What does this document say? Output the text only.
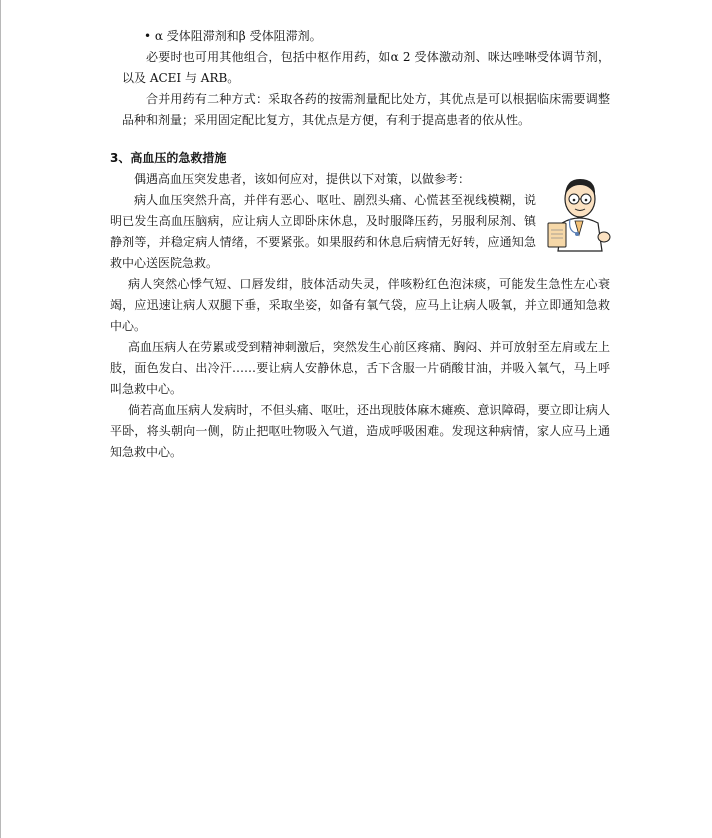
• α 受体阻滞剂和β 受体阻滞剂。

必要时也可用其他组合，包括中枢作用药，如α 2 受体激动剂、咪达唑啉受体调节剂，以及 ACEI 与 ARB。

合并用药有二种方式：采取各药的按需剂量配比处方，其优点是可以根据临床需要调整品种和剂量；采用固定配比复方，其优点是方便，有利于提高患者的依从性。

3、高血压的急救措施

偶遇高血压突发患者，该如何应对，提供以下对策，以做参考：

病人血压突然升高，并伴有恶心、呕吐、剧烈头痛、心慌甚至视线模糊，说明已发生高血压脑病，应让病人立即卧床休息，及时服降压药，另服利尿剂、镇静剂等，并稳定病人情绪，不要紧张。如果服药和休息后病情无好转，应通知急救中心送医院急救。

病人突然心悸气短、口唇发绀，肢体活动失灵，伴咳粉红色泡沫痰，可能发生急性左心衰竭，应迅速让病人双腿下垂，采取坐姿，如备有氧气袋，应马上让病人吸氧，并立即通知急救中心。

高血压病人在劳累或受到精神刺激后，突然发生心前区疼痛、胸闷、并可放射至左肩或左上肢，面色发白、出冷汗……要让病人安静休息，舌下含服一片硝酸甘油，并吸入氧气，马上呼叫急救中心。

倘若高血压病人发病时，不但头痛、呕吐，还出现肢体麻木瘫痪、意识障碍，要立即让病人平卧，将头朝向一侧，防止把呕吐物吸入气道，造成呼吸困难。发现这种病情，家人应马上通知急救中心。
